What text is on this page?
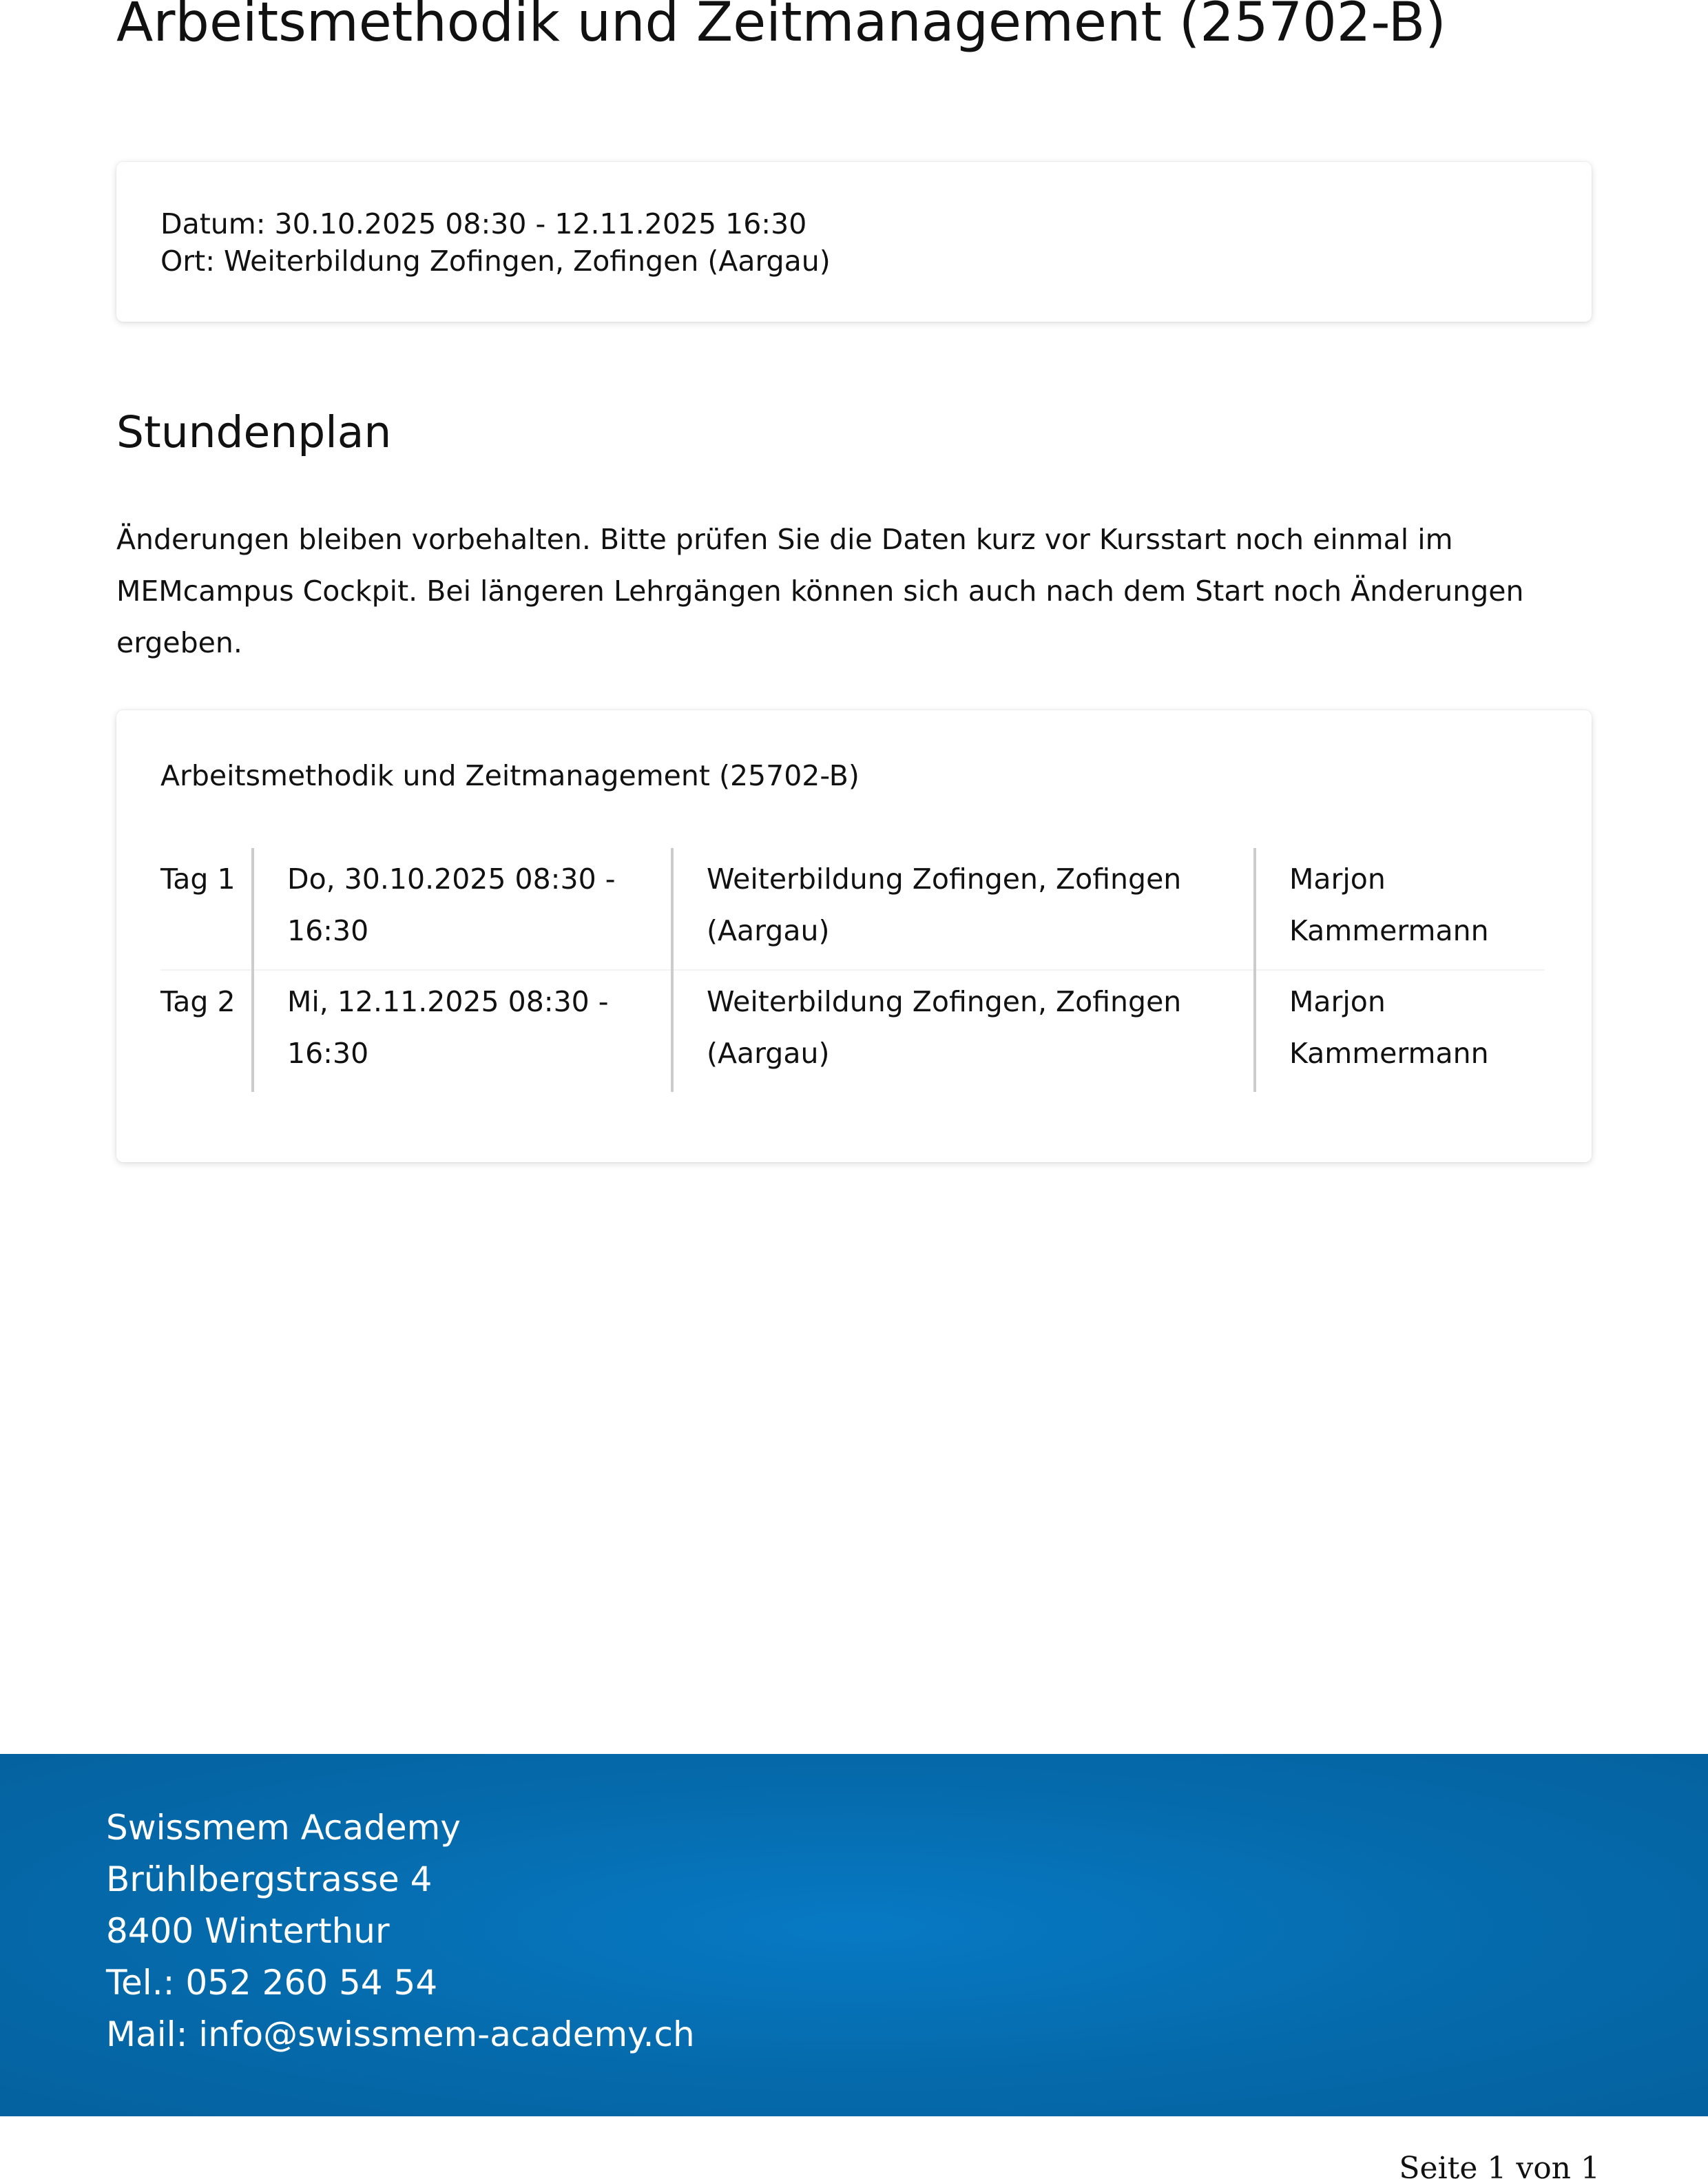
Arbeitsmethodik und Zeitmanagement (25702-B)
Datum: 30.10.2025 08:30 - 12.11.2025 16:30
Ort: Weiterbildung Zofingen, Zofingen (Aargau)
Stundenplan

Änderungen bleiben vorbehalten. Bitte prüfen Sie die Daten kurz vor Kursstart noch einmal im MEMcampus Cockpit. Bei längeren Lehrgängen können sich auch nach dem Start noch Änderungen ergeben.

Arbeitsmethodik und Zeitmanagement (25702-B)
Tag 1	Do, 30.10.2025 08:30 - 16:30	Weiterbildung Zofingen, Zofingen (Aargau)	Marjon Kammermann
Tag 2	Mi, 12.11.2025 08:30 - 16:30	Weiterbildung Zofingen, Zofingen (Aargau)	Marjon Kammermann
Swissmem Academy
Brühlbergstrasse 4
8400 Winterthur
Tel.: 052 260 54 54
Mail: info@swissmem-academy.ch
Seite 1 von 1
